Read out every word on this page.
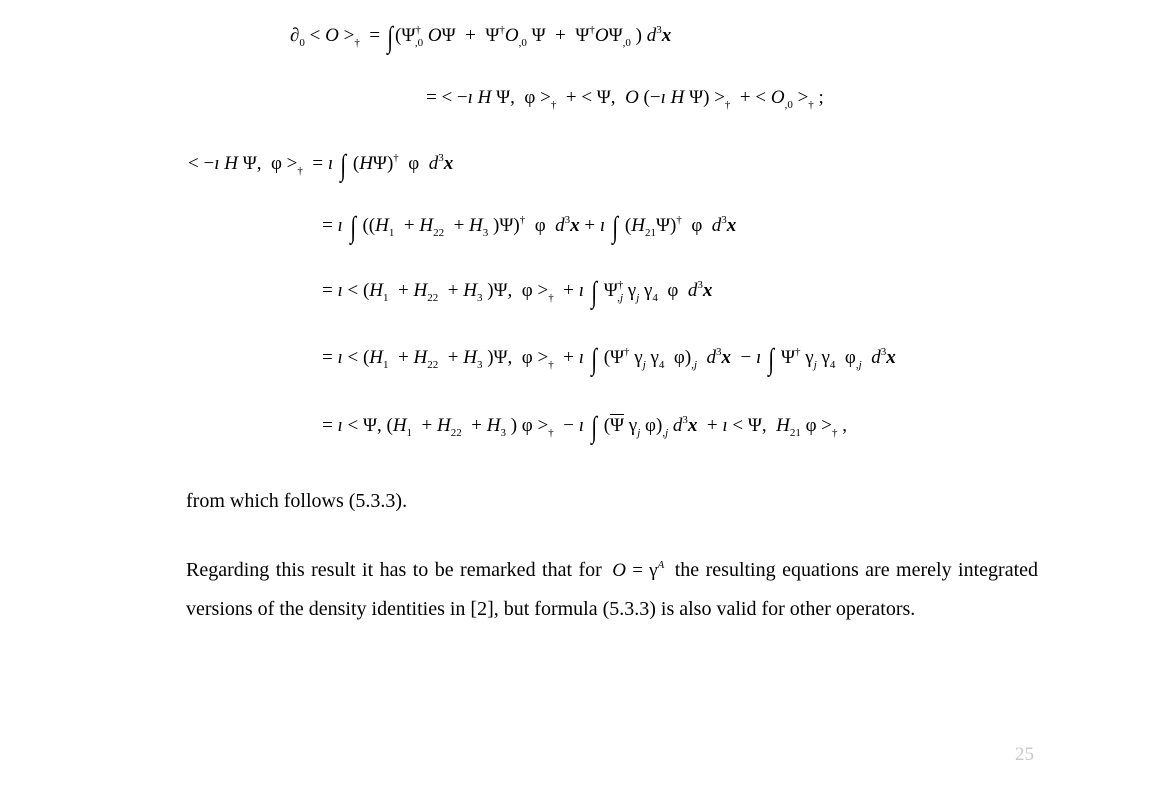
$\partial_0 < O >_\dagger$  = ∫ ($\Psi^\dagger_{,0}$ $O\Psi + \Psi^\dagger O_{,0}$ $\Psi + \Psi^\dagger O\Psi_{,0}$ ) $d^3x$
= < −ı H Ψ,  $\varphi >_\dagger$  + < Ψ,  O (−ı H $\Psi) >_\dagger$  + < $O_{,0} >_\dagger$ ;
< −ı H Ψ,  $\varphi >_\dagger$  = ı ∫ (HΨ)†  φ  $d^3x$
= ı ∫ (($H_1 + H_{22} + H_3$ )Ψ)†  φ  $d^3x$ + ı ∫ $(H_{21}\Psi)^\dagger$  φ  $d^3x$
= ı < ($H_1 + H_{22} + H_3$ )Ψ,  $\varphi >_\dagger$  + ı ∫ $\Psi^\dagger_{,j}$ $\gamma_j$ $\gamma_4$  φ  $d^3x$
= ı < ($H_1 + H_{22} + H_3$ )Ψ,  $\varphi >_\dagger$  + ı ∫ (Ψ† $\gamma_j$ $\gamma_4$  $\varphi)_{,j}$ $d^3x$  − ı ∫ Ψ† $\gamma_j$ $\gamma_4$  $\varphi_{,j}$ $d^3x$
= ı < Ψ, ($H_1 + H_{22} + H_3$ ) $\varphi >_\dagger$  − ı ∫ ($\overline{\Psi}$ $\gamma_j$ $\varphi)_{,j}$ $d^3x$  + ı < Ψ,  $H_{21}$ $\varphi >_\dagger$ ,
from which follows (5.3.3).
Regarding this result it has to be remarked that for $O = \gamma^A$ the resulting equations are merely integrated versions of the density identities in [2], but formula (5.3.3) is also valid for other operators.
25
